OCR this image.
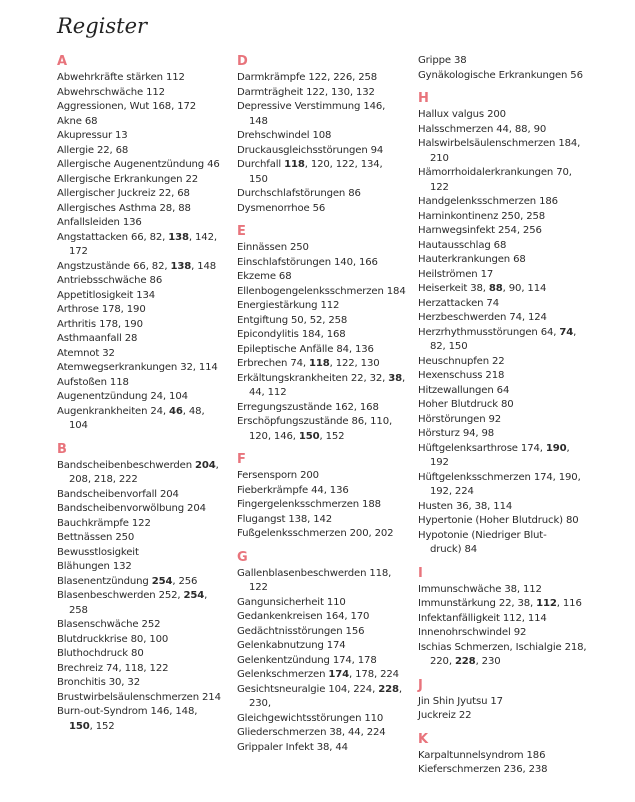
Register
A
Abwehrkräfte stärken 112
Abwehrschwäche 112
Aggressionen, Wut 168, 172
Akne 68
Akupressur 13
Allergie 22, 68
Allergische Augenentzündung 46
Allergische Erkrankungen 22
Allergischer Juckreiz 22, 68
Allergisches Asthma 28, 88
Anfallsleiden 136
Angstattacken 66, 82, 138, 142,
172
Angstzustände 66, 82, 138, 148
Antriebsschwäche 86
Appetitlosigkeit 134
Arthrose 178, 190
Arthritis 178, 190
Asthmaanfall 28
Atemnot 32
Atemwegserkrankungen 32, 114
Aufstoßen 118
Augenentzündung 24, 104
Augenkrankheiten 24, 46, 48,
104
B
Bandscheibenbeschwerden 204,
208, 218, 222
Bandscheibenvorfall 204
Bandscheibenvorwölbung 204
Bauchkrämpfe 122
Bettnässen 250
Bewusstlosigkeit
Blähungen 132
Blasenentzündung 254, 256
Blasenbeschwerden 252, 254,
258
Blasenschwäche 252
Blutdruckkrise 80, 100
Bluthochdruck 80
Brechreiz 74, 118, 122
Bronchitis 30, 32
Brustwirbelsäulenschmerzen 214
Burn-out-Syndrom 146, 148,
150, 152
D
Darmkrämpfe 122, 226, 258
Darmträgheit 122, 130, 132
Depressive Verstimmung 146,
148
Drehschwindel 108
Druckausgleichsstörungen 94
Durchfall 118, 120, 122, 134,
150
Durchschlafstörungen 86
Dysmenorrhoe 56
E
Einnässen 250
Einschlafstörungen 140, 166
Ekzeme 68
Ellenbogengelenksschmerzen 184
Energiestärkung 112
Entgiftung 50, 52, 258
Epicondylitis 184, 168
Epileptische Anfälle 84, 136
Erbrechen 74, 118, 122, 130
Erkältungskrankheiten 22, 32, 38,
44, 112
Erregungszustände 162, 168
Erschöpfungszustände 86, 110,
120, 146, 150, 152
F
Fersensporn 200
Fieberkrämpfe 44, 136
Fingergelenksschmerzen 188
Flugangst 138, 142
Fußgelenksschmerzen 200, 202
G
Gallenblasenbeschwerden 118,
122
Gangunsicherheit 110
Gedankenkreisen 164, 170
Gedächtnisstörungen 156
Gelenkabnutzung 174
Gelenkentzündung 174, 178
Gelenkschmerzen 174, 178, 224
Gesichtsneuralgie 104, 224, 228,
230,
Gleichgewichtsstörungen 110
Gliederschmerzen 38, 44, 224
Grippaler Infekt 38, 44
Grippe 38
Gynäkologische Erkrankungen 56
H
Hallux valgus 200
Halsschmerzen 44, 88, 90
Halswirbelsäulenschmerzen 184,
210
Hämorrhoidalerkrankungen 70,
122
Handgelenksschmerzen 186
Harninkontinenz 250, 258
Harnwegsinfekt 254, 256
Hautausschlag 68
Hauterkrankungen 68
Heilströmen 17
Heiserkeit 38, 88, 90, 114
Herzattacken 74
Herzbeschwerden 74, 124
Herzrhythmusstörungen 64, 74,
82, 150
Heuschnupfen 22
Hexenschuss 218
Hitzewallungen 64
Hoher Blutdruck 80
Hörstörungen 92
Hörsturz 94, 98
Hüftgelenksarthrose 174, 190,
192
Hüftgelenksschmerzen 174, 190,
192, 224
Husten 36, 38, 114
Hypertonie (Hoher Blutdruck) 80
Hypotonie (Niedriger Blut-
druck) 84
I
Immunschwäche 38, 112
Immunstärkung 22, 38, 112, 116
Infektanfälligkeit 112, 114
Innenohrschwindel 92
Ischias Schmerzen, Ischialgie 218,
220, 228, 230
J
Jin Shin Jyutsu 17
Juckreiz 22
K
Karpaltunnelsyndrom 186
Kieferschmerzen 236, 238
